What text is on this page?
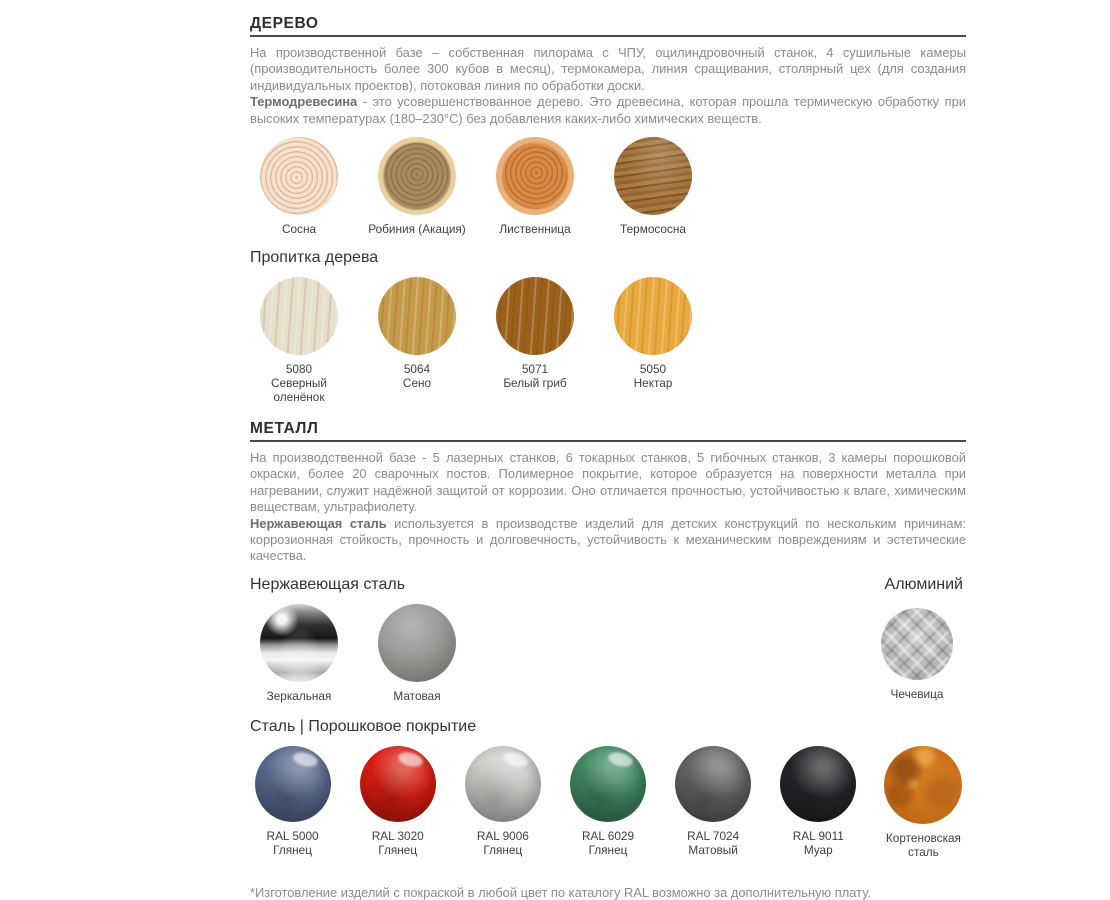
ДЕРЕВО

На производственной базе – собственная пилорама с ЧПУ, оцилиндровочный станок, 4 сушильные камеры (производительность более 300 кубов в месяц), термокамера, линия сращивания, столярный цех (для создания индивидуальных проектов), потоковая линия по обработки доски.

Термодревесина - это усовершенствованное дерево. Это древесина, которая прошла термическую обработку при высоких температурах (180–230°C) без добавления каких-либо химических веществ.

Сосна	Робиния (Акация)	Лиственница	Термососна
Пропитка дерева
5080
Северный оленёнок
5064
Сено
5071
Белый гриб
5050
Нектар
МЕТАЛЛ

На производственной базе - 5 лазерных станков, 6 токарных станков, 5 гибочных станков, 3 камеры порошковой окраски, более 20 сварочных постов. Полимерное покрытие, которое образуется на поверхности металла при нагревании, служит надёжной защитой от коррозии. Оно отличается прочностью, устойчивостью к влаге, химическим веществам, ультрафиолету.

Нержавеющая сталь используется в производстве изделий для детских конструкций по нескольким причинам: коррозионная стойкость, прочность и долговечность, устойчивость к механическим повреждениям и эстетические качества.

Нержавеющая сталь
Зеркальная	Матовая
Алюминий
Чечевица
Сталь | Порошковое покрытие
RAL 5000
Глянец
RAL 3020
Глянец
RAL 9006
Глянец
RAL 6029
Глянец
RAL 7024
Матовый
RAL 9011
Муар
Кортеновская сталь

*Изготовление изделий с покраской в любой цвет по каталогу RAL возможно за дополнительную плату.
